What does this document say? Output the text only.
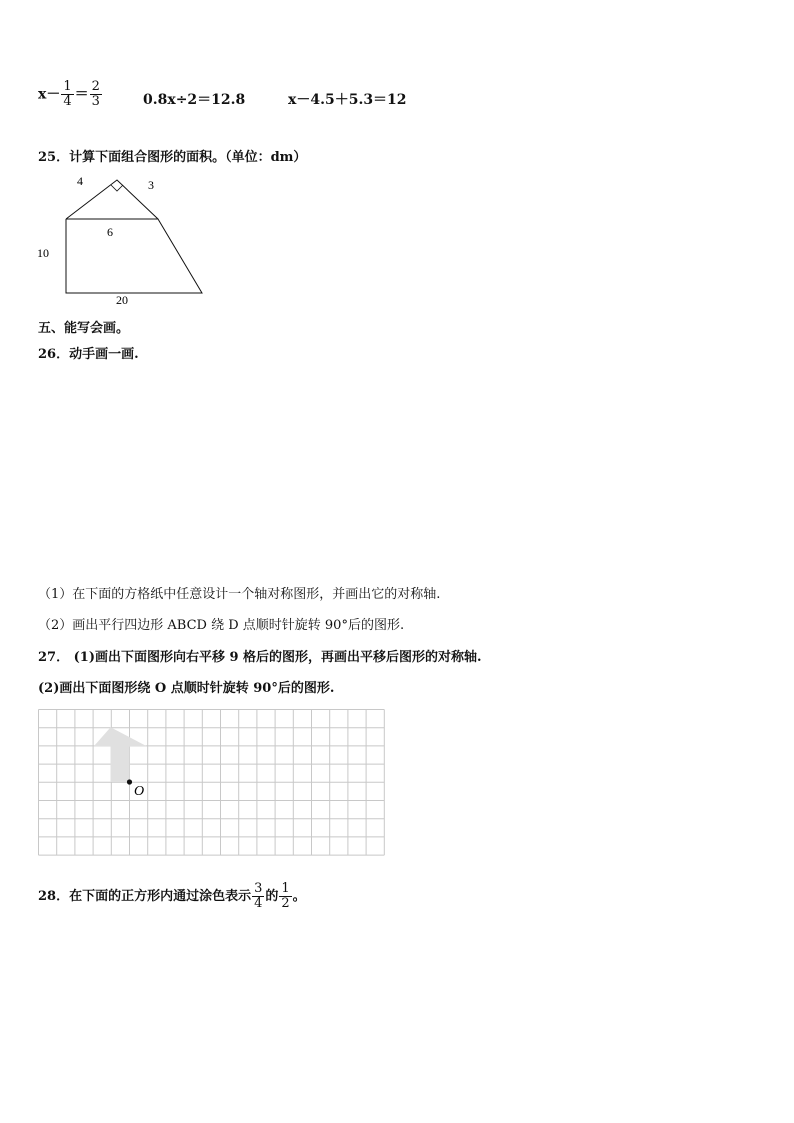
$x- \frac{1}{4} = \frac{2}{3}$	0.8x÷2＝12.8	x－4.5＋5.3＝12
25．计算下面组合图形的面积。（单位：dm）
4	3
6
10
20
五、能写会画。
26．动手画一画.
（1）在下面的方格纸中任意设计一个轴对称图形，并画出它的对称轴.
（2）画出平行四边形 ABCD 绕 D 点顺时针旋转 90°后的图形.
27． (1)画出下面图形向右平移 9 格后的图形，再画出平移后图形的对称轴.
(2)画出下面图形绕 O 点顺时针旋转 90°后的图形.
O
28．在下面的正方形内通过涂色表示 $\frac{3}{4}$ 的 $\frac{1}{2}$ 。
